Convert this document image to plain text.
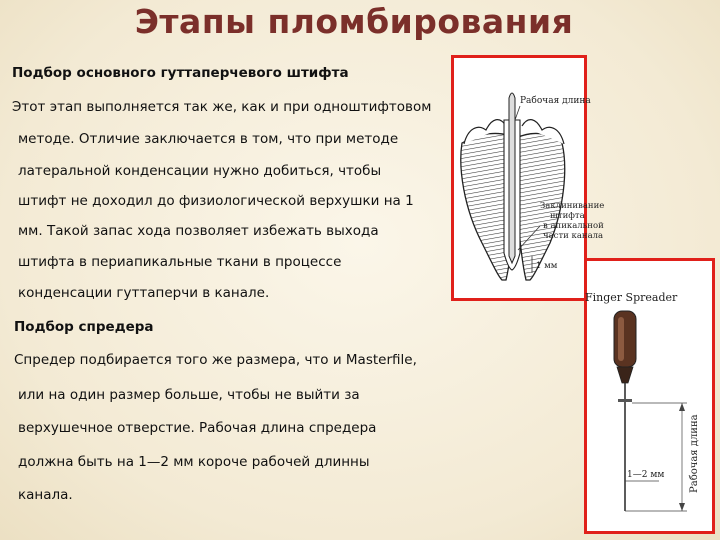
Этапы пломбирования
Подбор основного гуттаперчевого штифта
Этот этап выполняется так же, как и при одноштифтовом
методе. Отличие заключается в том, что при методе
латеральной конденсации нужно добиться, чтобы
штифт не доходил до физиологической верхушки на 1
мм. Такой запас хода позволяет избежать выхода
штифта в периапикальные ткани в процессе
конденсации гуттаперчи в канале.
Подбор спредера
Спредер подбирается того же размера, что и Masterfile,
или на один размер больше, чтобы не выйти за
верхушечное отверстие. Рабочая длина спредера
должна быть на 1—2 мм короче рабочей длинны
канала.
Рабочая длина
Заклинивание
штифта
в апикальной
части канала
1 мм
Finger Spreader
Рабочая длина
1—2 мм
